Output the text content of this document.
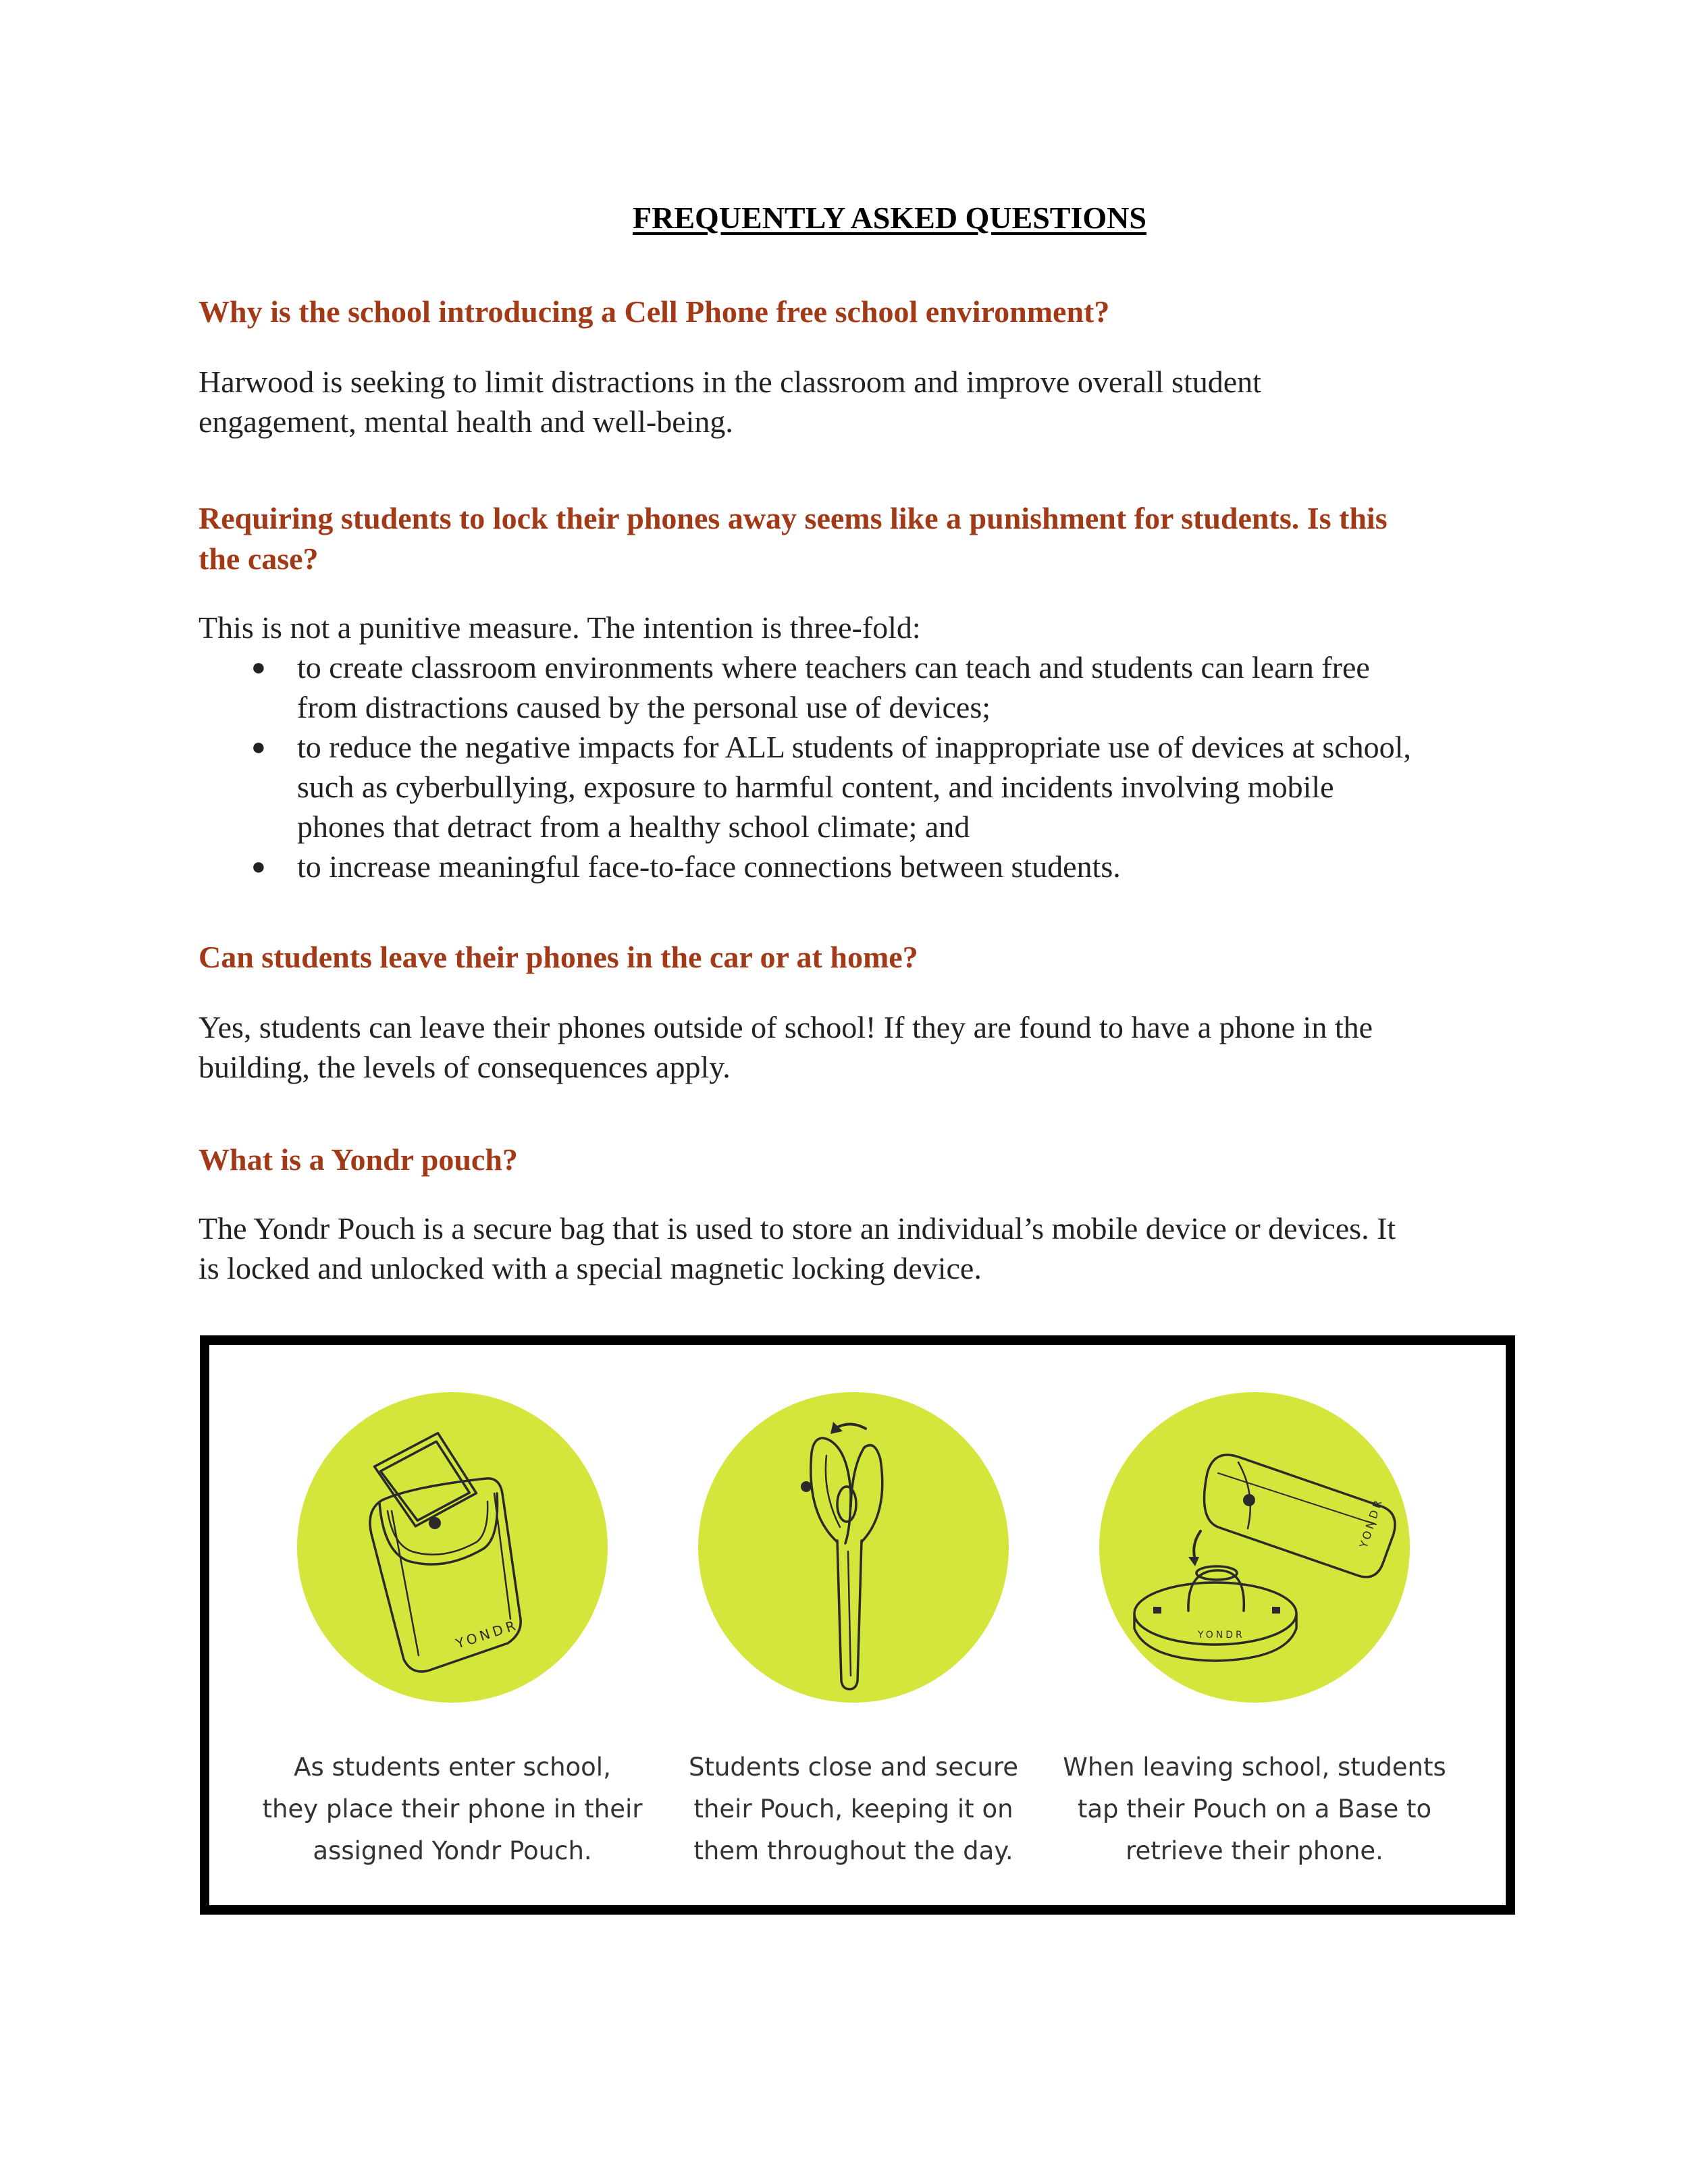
FREQUENTLY ASKED QUESTIONS
Why is the school introducing a Cell Phone free school environment?

Harwood is seeking to limit distractions in the classroom and improve overall student

engagement, mental health and well-being.

Requiring students to lock their phones away seems like a punishment for students. Is this
the case?

This is not a punitive measure. The intention is three-fold:

● to create classroom environments where teachers can teach and students can learn free
from distractions caused by the personal use of devices;
● to reduce the negative impacts for ALL students of inappropriate use of devices at school,
such as cyberbullying, exposure to harmful content, and incidents involving mobile
phones that detract from a healthy school climate; and
● to increase meaningful face-to-face connections between students.
Can students leave their phones in the car or at home?

Yes, students can leave their phones outside of school! If they are found to have a phone in the

building, the levels of consequences apply.

What is a Yondr pouch?

The Yondr Pouch is a secure bag that is used to store an individual’s mobile device or devices. It

is locked and unlocked with a special magnetic locking device.

YONDR
As students enter school,
they place their phone in their
assigned Yondr Pouch.
Students close and secure
their Pouch, keeping it on
them throughout the day.
YONDR
YONDR
When leaving school, students
tap their Pouch on a Base to
retrieve their phone.
